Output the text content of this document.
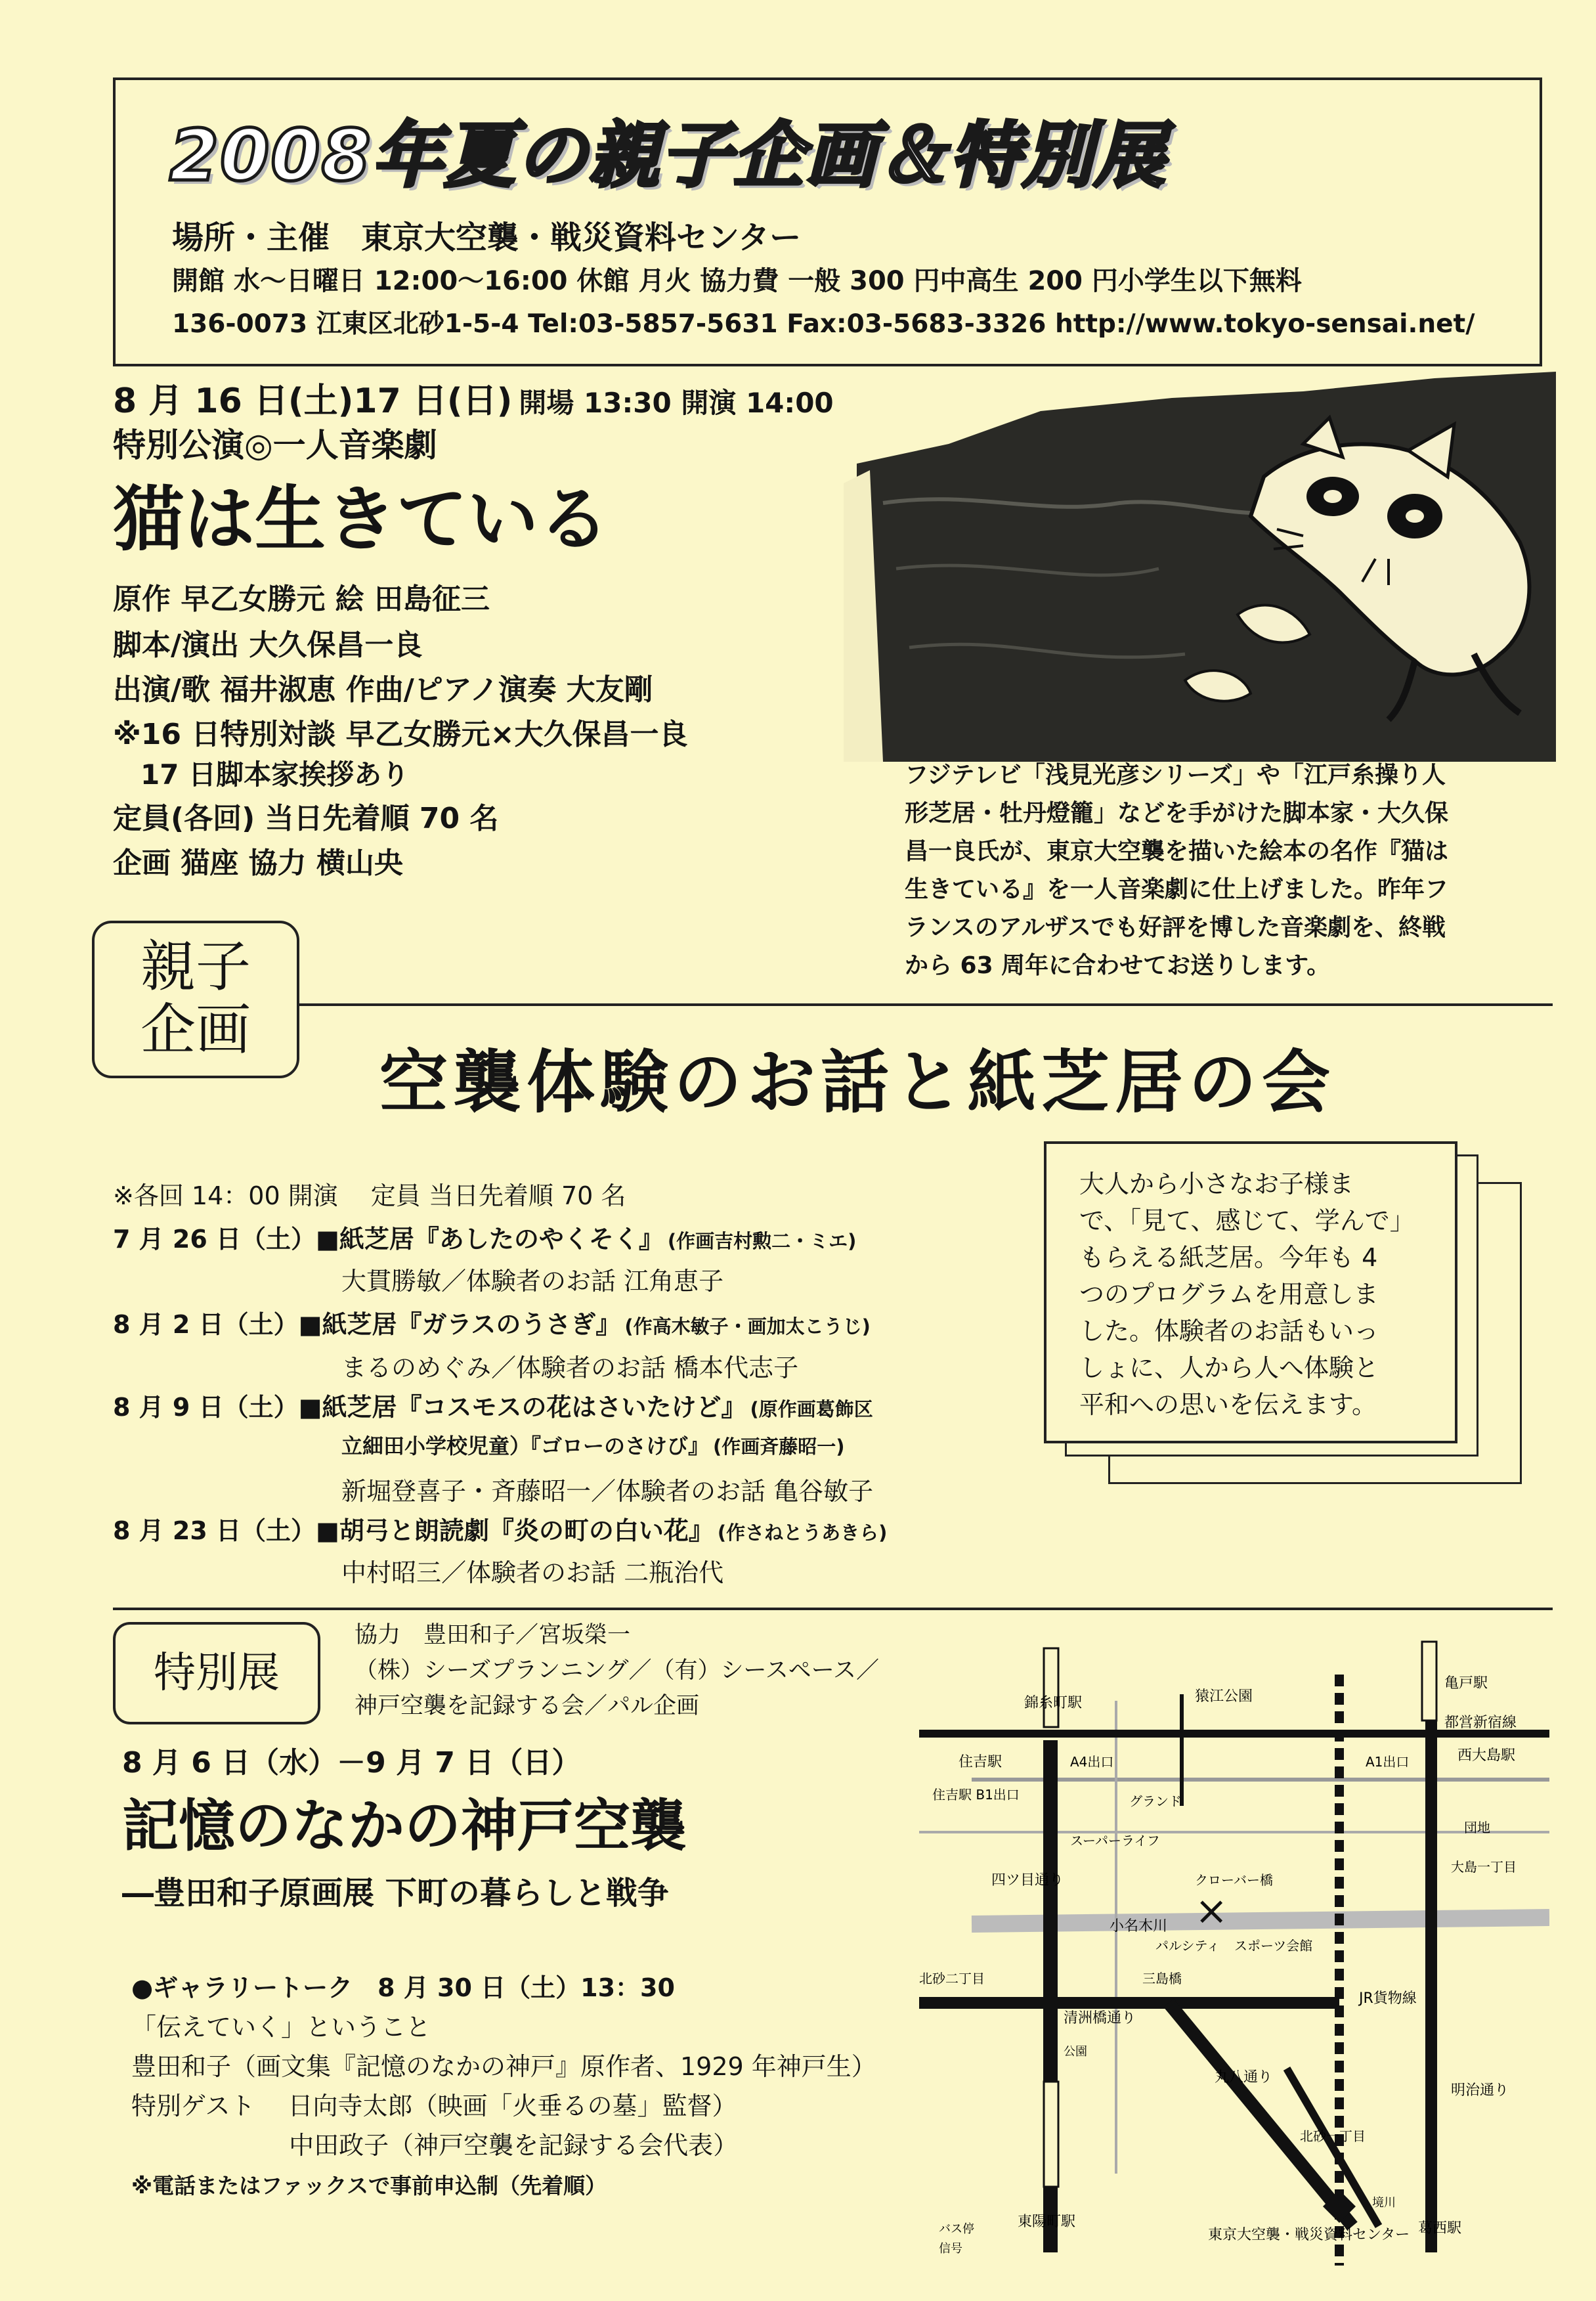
2008年夏の親子企画＆特別展
場所・主催　東京大空襲・戦災資料センター
開館 水～日曜日 12:00～16:00 休館 月火 協力費 一般 300 円中高生 200 円小学生以下無料
136-0073 江東区北砂1-5-4 Tel:03-5857-5631 Fax:03-5683-3326 http://www.tokyo-sensai.net/
8 月 16 日(土)17 日(日) 開場 13:30 開演 14:00
特別公演◎一人音楽劇
猫は生きている
原作 早乙女勝元 絵 田島征三
脚本/演出 大久保昌一良
出演/歌 福井淑恵 作曲/ピアノ演奏 大友剛
※16 日特別対談 早乙女勝元×大久保昌一良
　17 日脚本家挨拶あり
定員(各回) 当日先着順 70 名
企画 猫座 協力 横山央
フジテレビ「浅見光彦シリーズ」や「江戸糸操り人
形芝居・牡丹燈籠」などを手がけた脚本家・大久保
昌一良氏が、東京大空襲を描いた絵本の名作『猫は
生きている』を一人音楽劇に仕上げました。昨年フ
ランスのアルザスでも好評を博した音楽劇を、終戦
から 63 周年に合わせてお送りします。
親子
企画
空襲体験のお話と紙芝居の会
※各回 14：00 開演　 定員 当日先着順 70 名
7 月 26 日（土）■紙芝居『あしたのやくそく』 (作画吉村勲二・ミエ)
大貫勝敏／体験者のお話 江角恵子
8 月 2 日（土）■紙芝居『ガラスのうさぎ』 (作高木敏子・画加太こうじ)
まるのめぐみ／体験者のお話 橋本代志子
8 月 9 日（土）■紙芝居『コスモスの花はさいたけど』 (原作画葛飾区
立細田小学校児童）『ゴローのさけび』 (作画斉藤昭一)
新堀登喜子・斉藤昭一／体験者のお話 亀谷敏子
8 月 23 日（土）■胡弓と朗読劇『炎の町の白い花』 (作さねとうあきら)
中村昭三／体験者のお話 二瓶治代
大人から小さなお子様ま
で、「見て、感じて、学んで」
もらえる紙芝居。今年も 4
つのプログラムを用意しま
した。体験者のお話もいっ
しょに、人から人へ体験と
平和への思いを伝えます。
特別展
協力　豊田和子／宮坂榮一
（株）シーズプランニング／（有）シースペース／
神戸空襲を記録する会／パル企画
8 月 6 日（水）－9 月 7 日（日）
記憶のなかの神戸空襲
―豊田和子原画展 下町の暮らしと戦争
●ギャラリートーク　8 月 30 日（土）13：30
「伝えていく」ということ
豊田和子（画文集『記憶のなかの神戸』原作者、1929 年神戸生）
特別ゲスト　 日向寺太郎（映画「火垂るの墓」監督）
　　　　　　 中田政子（神戸空襲を記録する会代表）
※電話またはファックスで事前申込制（先着順）
×
錦糸町駅
亀戸駅
都営新宿線
猿江公園
住吉駅	A4出口	A1出口	西大島駅
住吉駅 B1出口	グランド
スーパーライフ
四ツ目通り	クローバー橋
団地
大島一丁目
明治通り
小名木川
パルシティ スポーツ会館
北砂二丁目	三島橋
清洲橋通り
JR貨物線
丸八通り
北砂一丁目
東陽町駅
東京大空襲・戦災資料センター 葛西駅
境川
バス停
信号
公園
